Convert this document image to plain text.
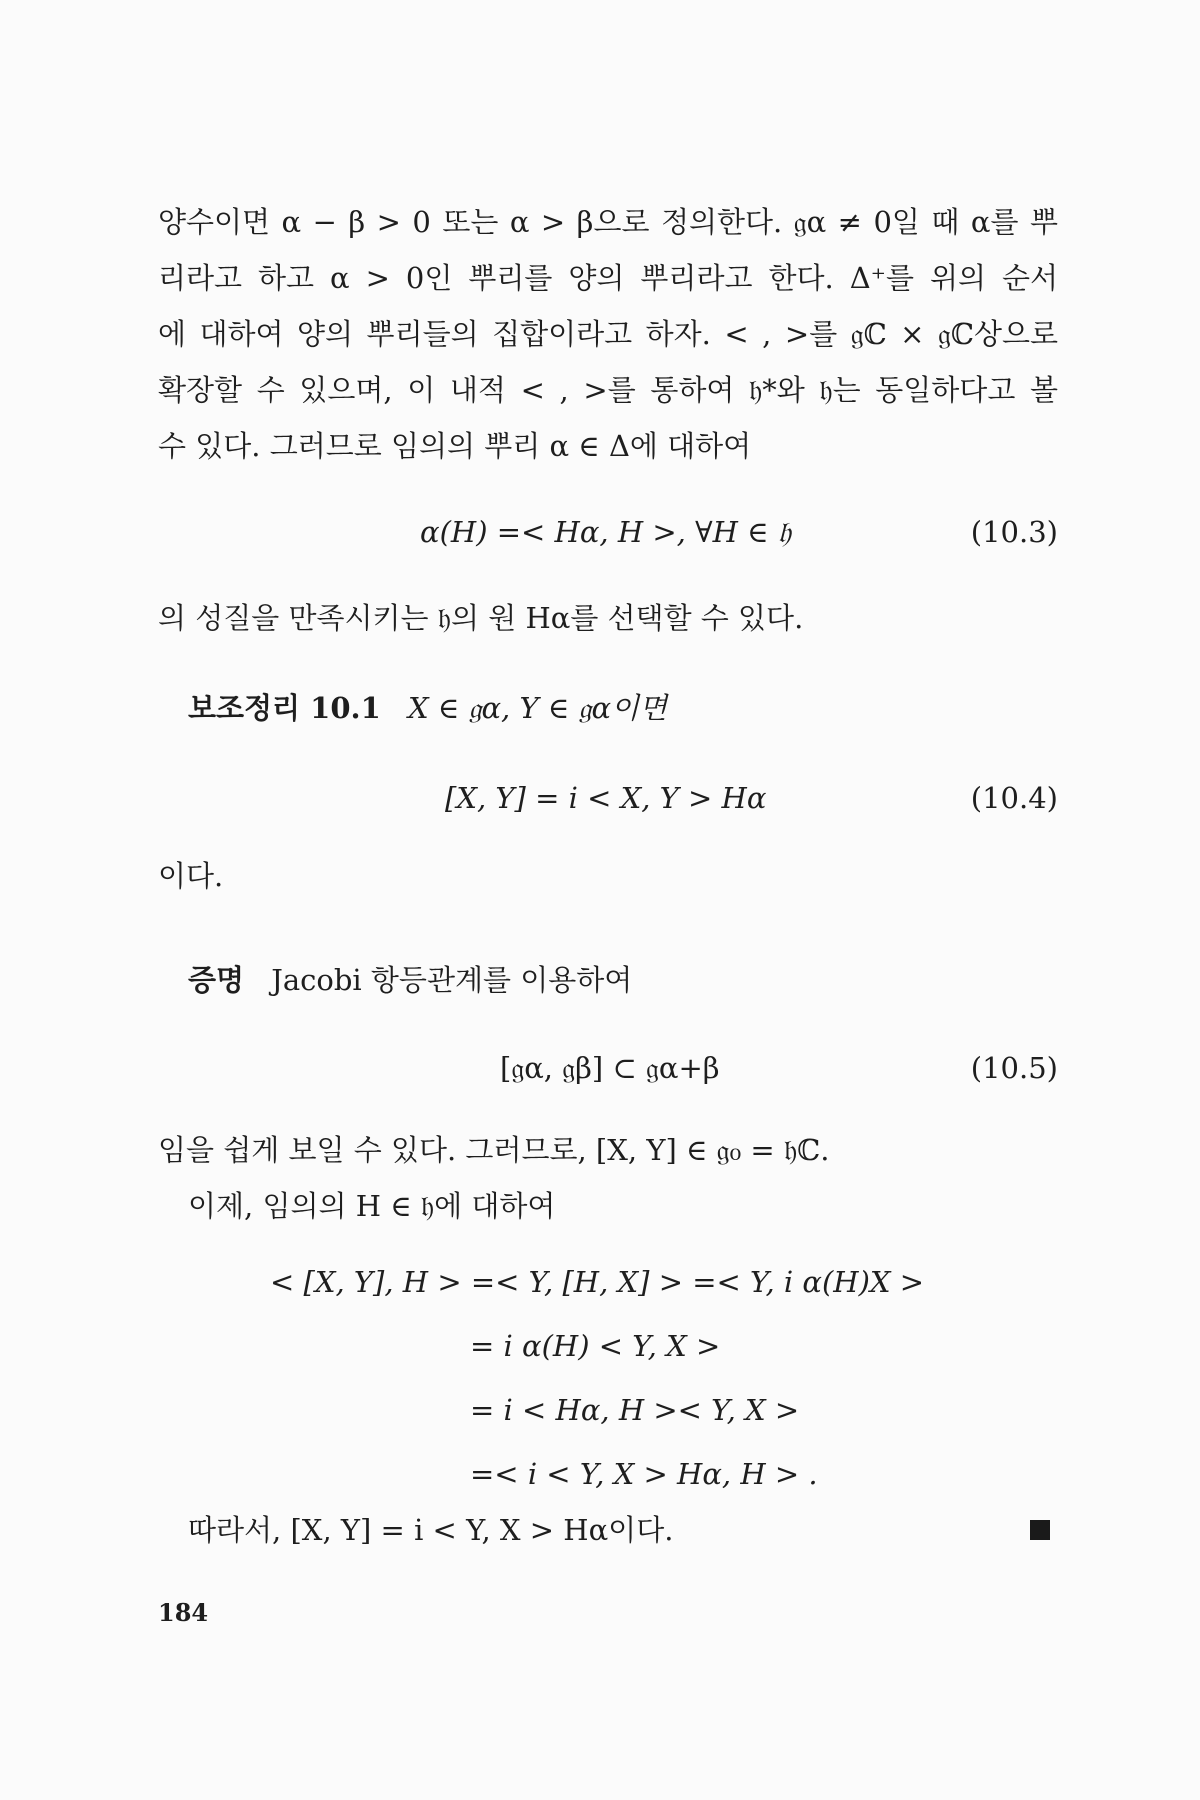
양수이면 α − β > 0 또는 α > β으로 정의한다. 𝔤α ≠ 0일 때 α를 뿌
리라고 하고 α > 0인 뿌리를 양의 뿌리라고 한다. Δ⁺를 위의 순서
에 대하여 양의 뿌리들의 집합이라고 하자. < , >를 𝔤ℂ × 𝔤ℂ상으로
확장할 수 있으며, 이 내적 < , >를 통하여 𝔥*와 𝔥는 동일하다고 볼
수 있다. 그러므로 임의의 뿌리 α ∈ Δ에 대하여
α(H) =< Hα, H >, ∀H ∈ 𝔥	(10.3)
의 성질을 만족시키는 𝔥의 원 Hα를 선택할 수 있다.
보조정리 10.1 X ∈ 𝔤α, Y ∈ 𝔤α이면
[X, Y] = i < X, Y > Hα	(10.4)
이다.
증명 Jacobi 항등관계를 이용하여
[𝔤α, 𝔤β] ⊂ 𝔤α+β	(10.5)
임을 쉽게 보일 수 있다. 그러므로, [X, Y] ∈ 𝔤₀ = 𝔥ℂ.
이제, 임의의 H ∈ 𝔥에 대하여
< [X, Y], H > =< Y, [H, X] > =< Y, i α(H)X >
= i α(H) < Y, X >
= i < Hα, H >< Y, X >
=< i < Y, X > Hα, H > .
따라서, [X, Y] = i < Y, X > Hα이다.
184
